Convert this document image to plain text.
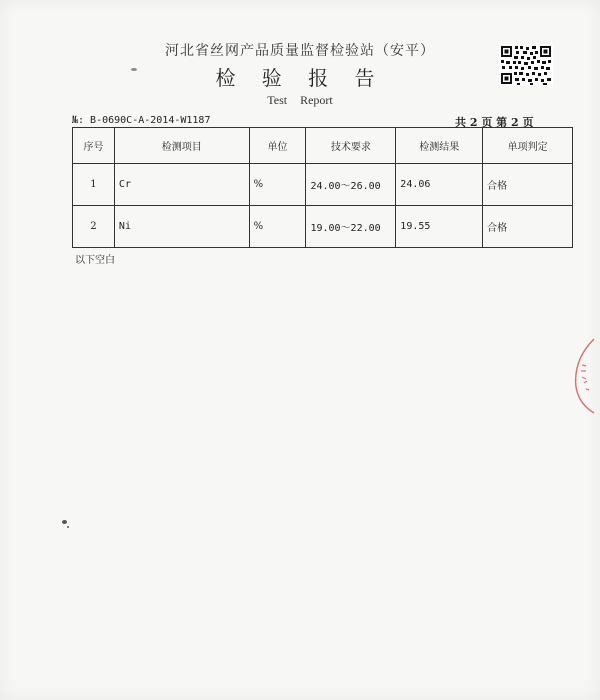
河北省丝网产品质量监督检验站（安平）
检 验 报 告
Test Report
№: B-0690C-A-2014-W1187	共 2 页 第 2 页
序号	检测项目	单位	技术要求	检测结果	单项判定
1	Cr	%	24.00～26.00	24.06	合格
2	Ni	%	19.00～22.00	19.55	合格
以下空白
